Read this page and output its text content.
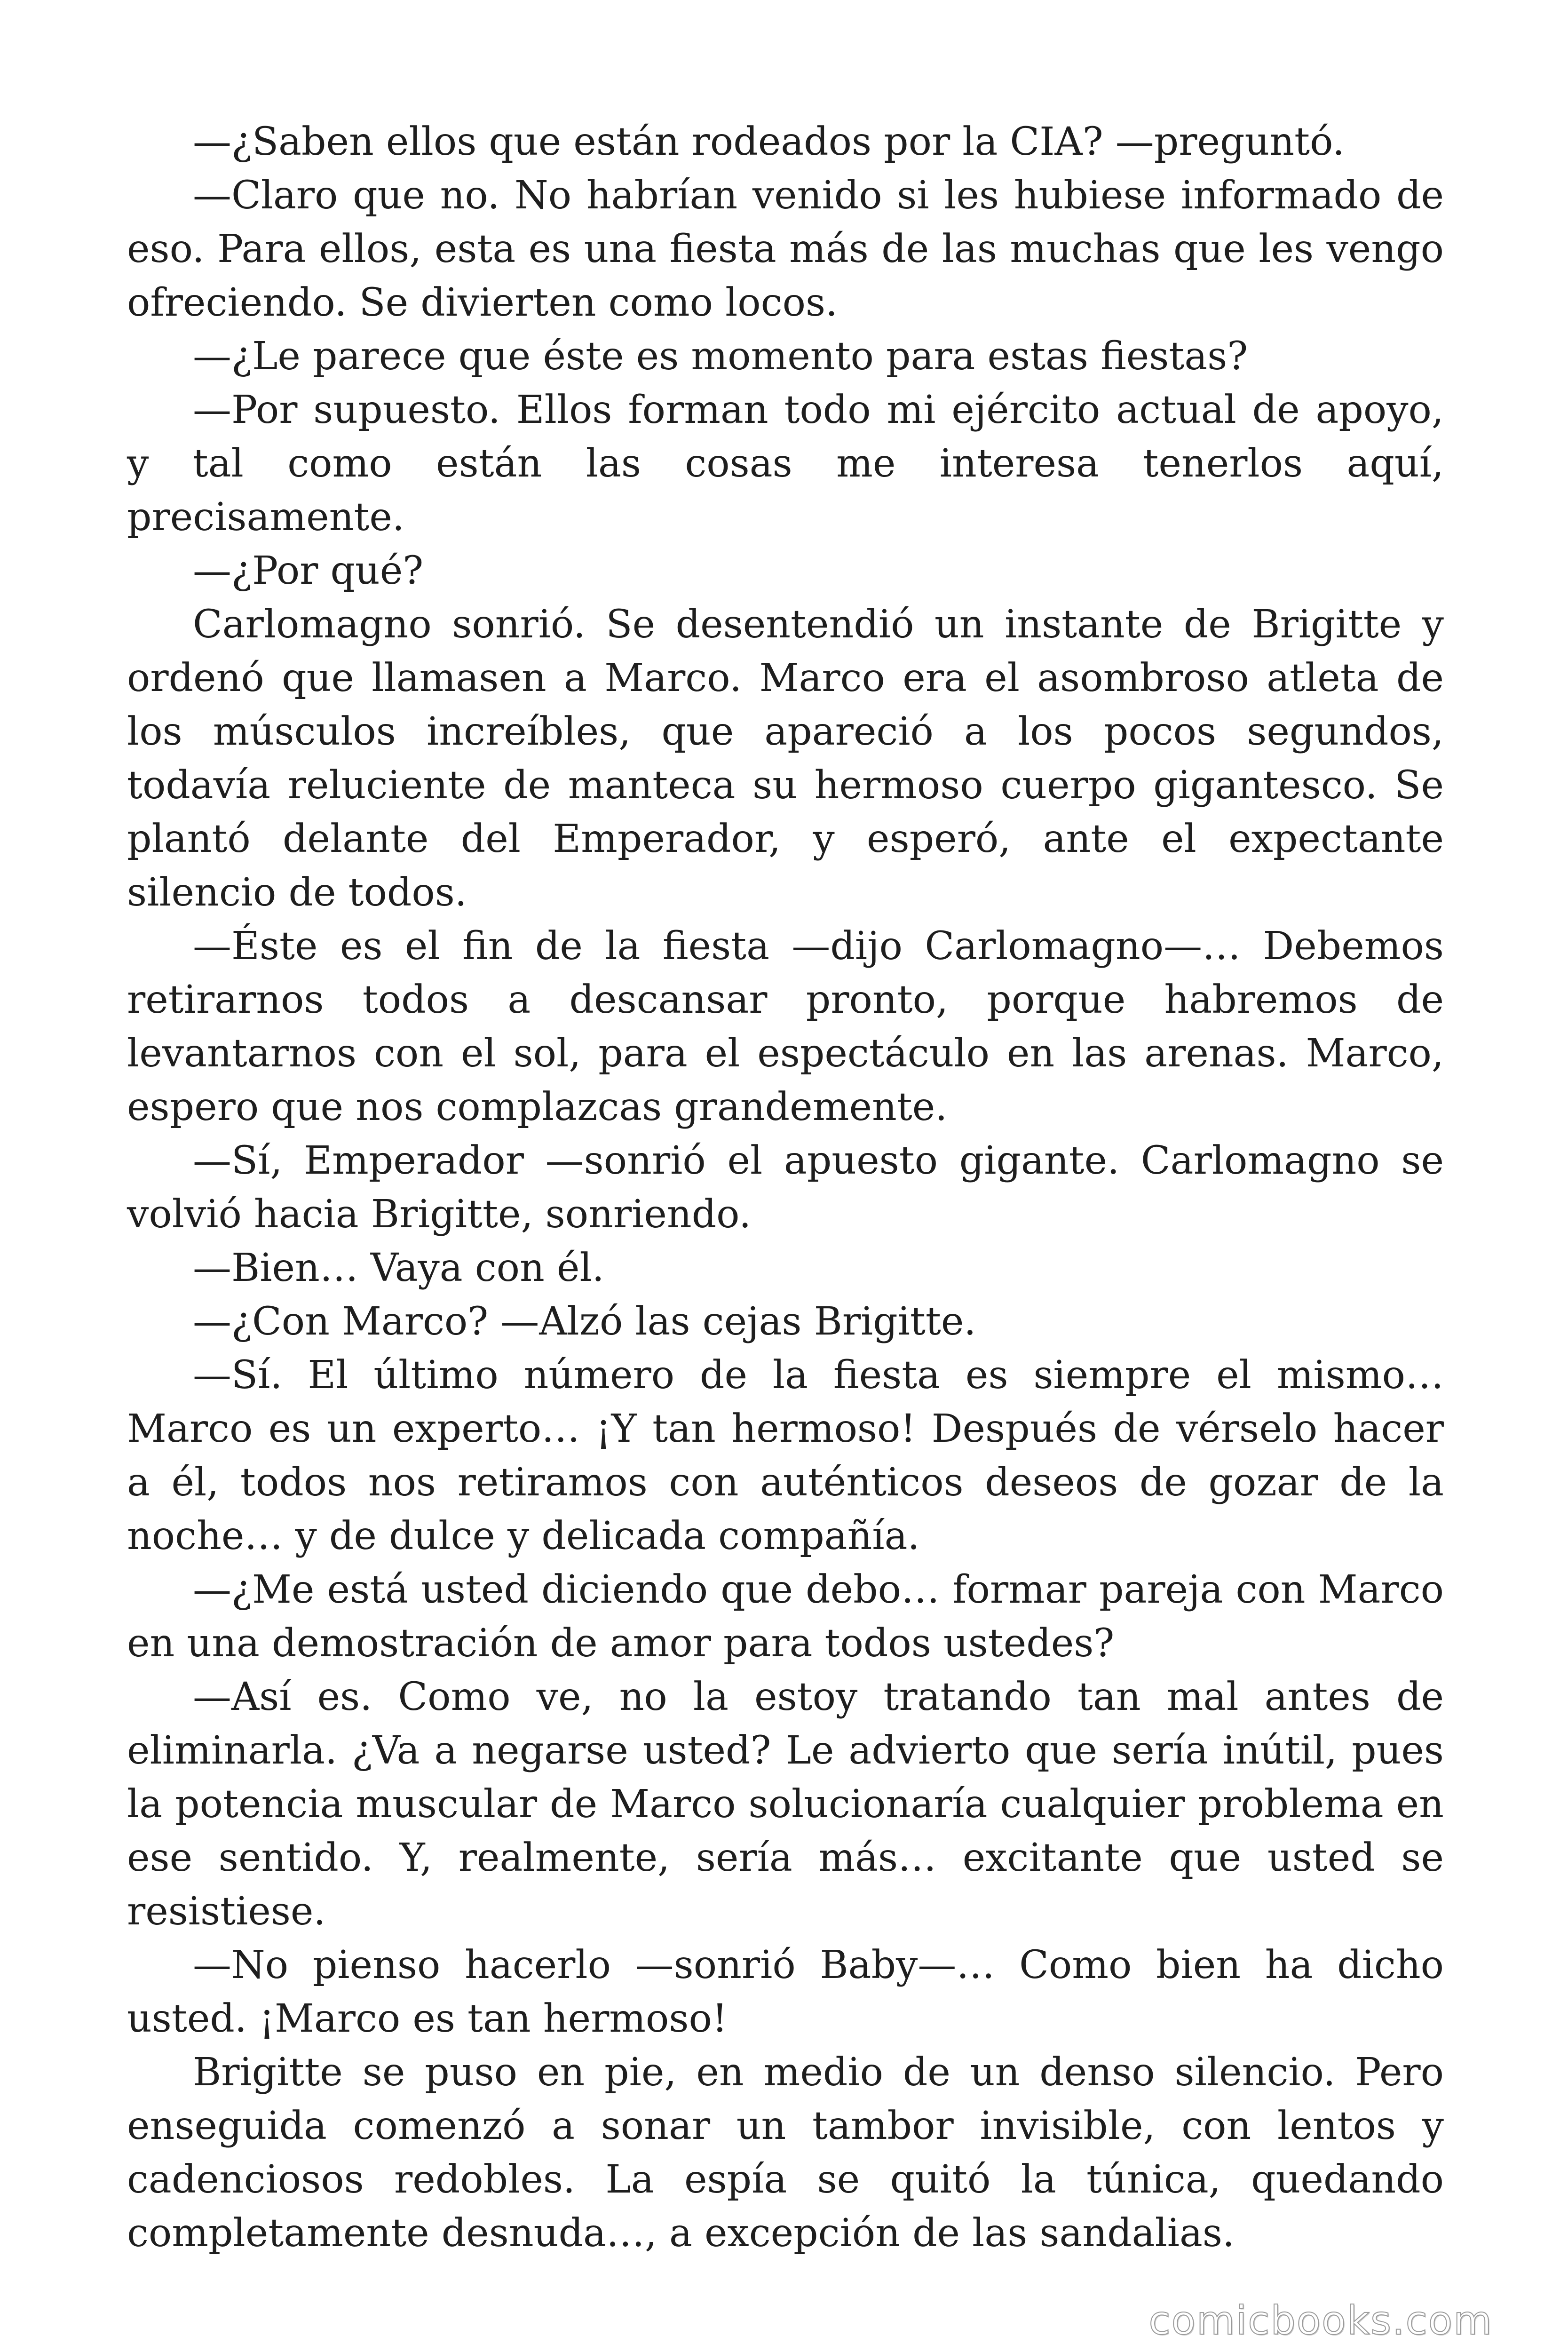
—¿Saben ellos que están rodeados por la CIA? —preguntó.

—Claro que no. No habrían venido si les hubiese informado de eso. Para ellos, esta es una fiesta más de las muchas que les vengo ofreciendo. Se divierten como locos.

—¿Le parece que éste es momento para estas fiestas?

—Por supuesto. Ellos forman todo mi ejército actual de apoyo, y tal como están las cosas me interesa tenerlos aquí, precisamente.

—¿Por qué?

Carlomagno sonrió. Se desentendió un instante de Brigitte y ordenó que llamasen a Marco. Marco era el asombroso atleta de los músculos increíbles, que apareció a los pocos segundos, todavía reluciente de manteca su hermoso cuerpo gigantesco. Se plantó delante del Emperador, y esperó, ante el expectante silencio de todos.

—Éste es el fin de la fiesta —dijo Carlomagno—… Debemos retirarnos todos a descansar pronto, porque habremos de levantarnos con el sol, para el espectáculo en las arenas. Marco, espero que nos complazcas grandemente.

—Sí, Emperador —sonrió el apuesto gigante. Carlomagno se volvió hacia Brigitte, sonriendo.

—Bien… Vaya con él.

—¿Con Marco? —Alzó las cejas Brigitte.

—Sí. El último número de la fiesta es siempre el mismo… Marco es un experto… ¡Y tan hermoso! Después de vérselo hacer a él, todos nos retiramos con auténticos deseos de gozar de la noche… y de dulce y delicada compañía.

—¿Me está usted diciendo que debo… formar pareja con Marco en una demostración de amor para todos ustedes?

—Así es. Como ve, no la estoy tratando tan mal antes de eliminarla. ¿Va a negarse usted? Le advierto que sería inútil, pues la potencia muscular de Marco solucionaría cualquier problema en ese sentido. Y, realmente, sería más… excitante que usted se resistiese.

—No pienso hacerlo —sonrió Baby—… Como bien ha dicho usted. ¡Marco es tan hermoso!

Brigitte se puso en pie, en medio de un denso silencio. Pero enseguida comenzó a sonar un tambor invisible, con lentos y cadenciosos redobles. La espía se quitó la túnica, quedando completamente desnuda…, a excepción de las sandalias.

comicbooks.com
